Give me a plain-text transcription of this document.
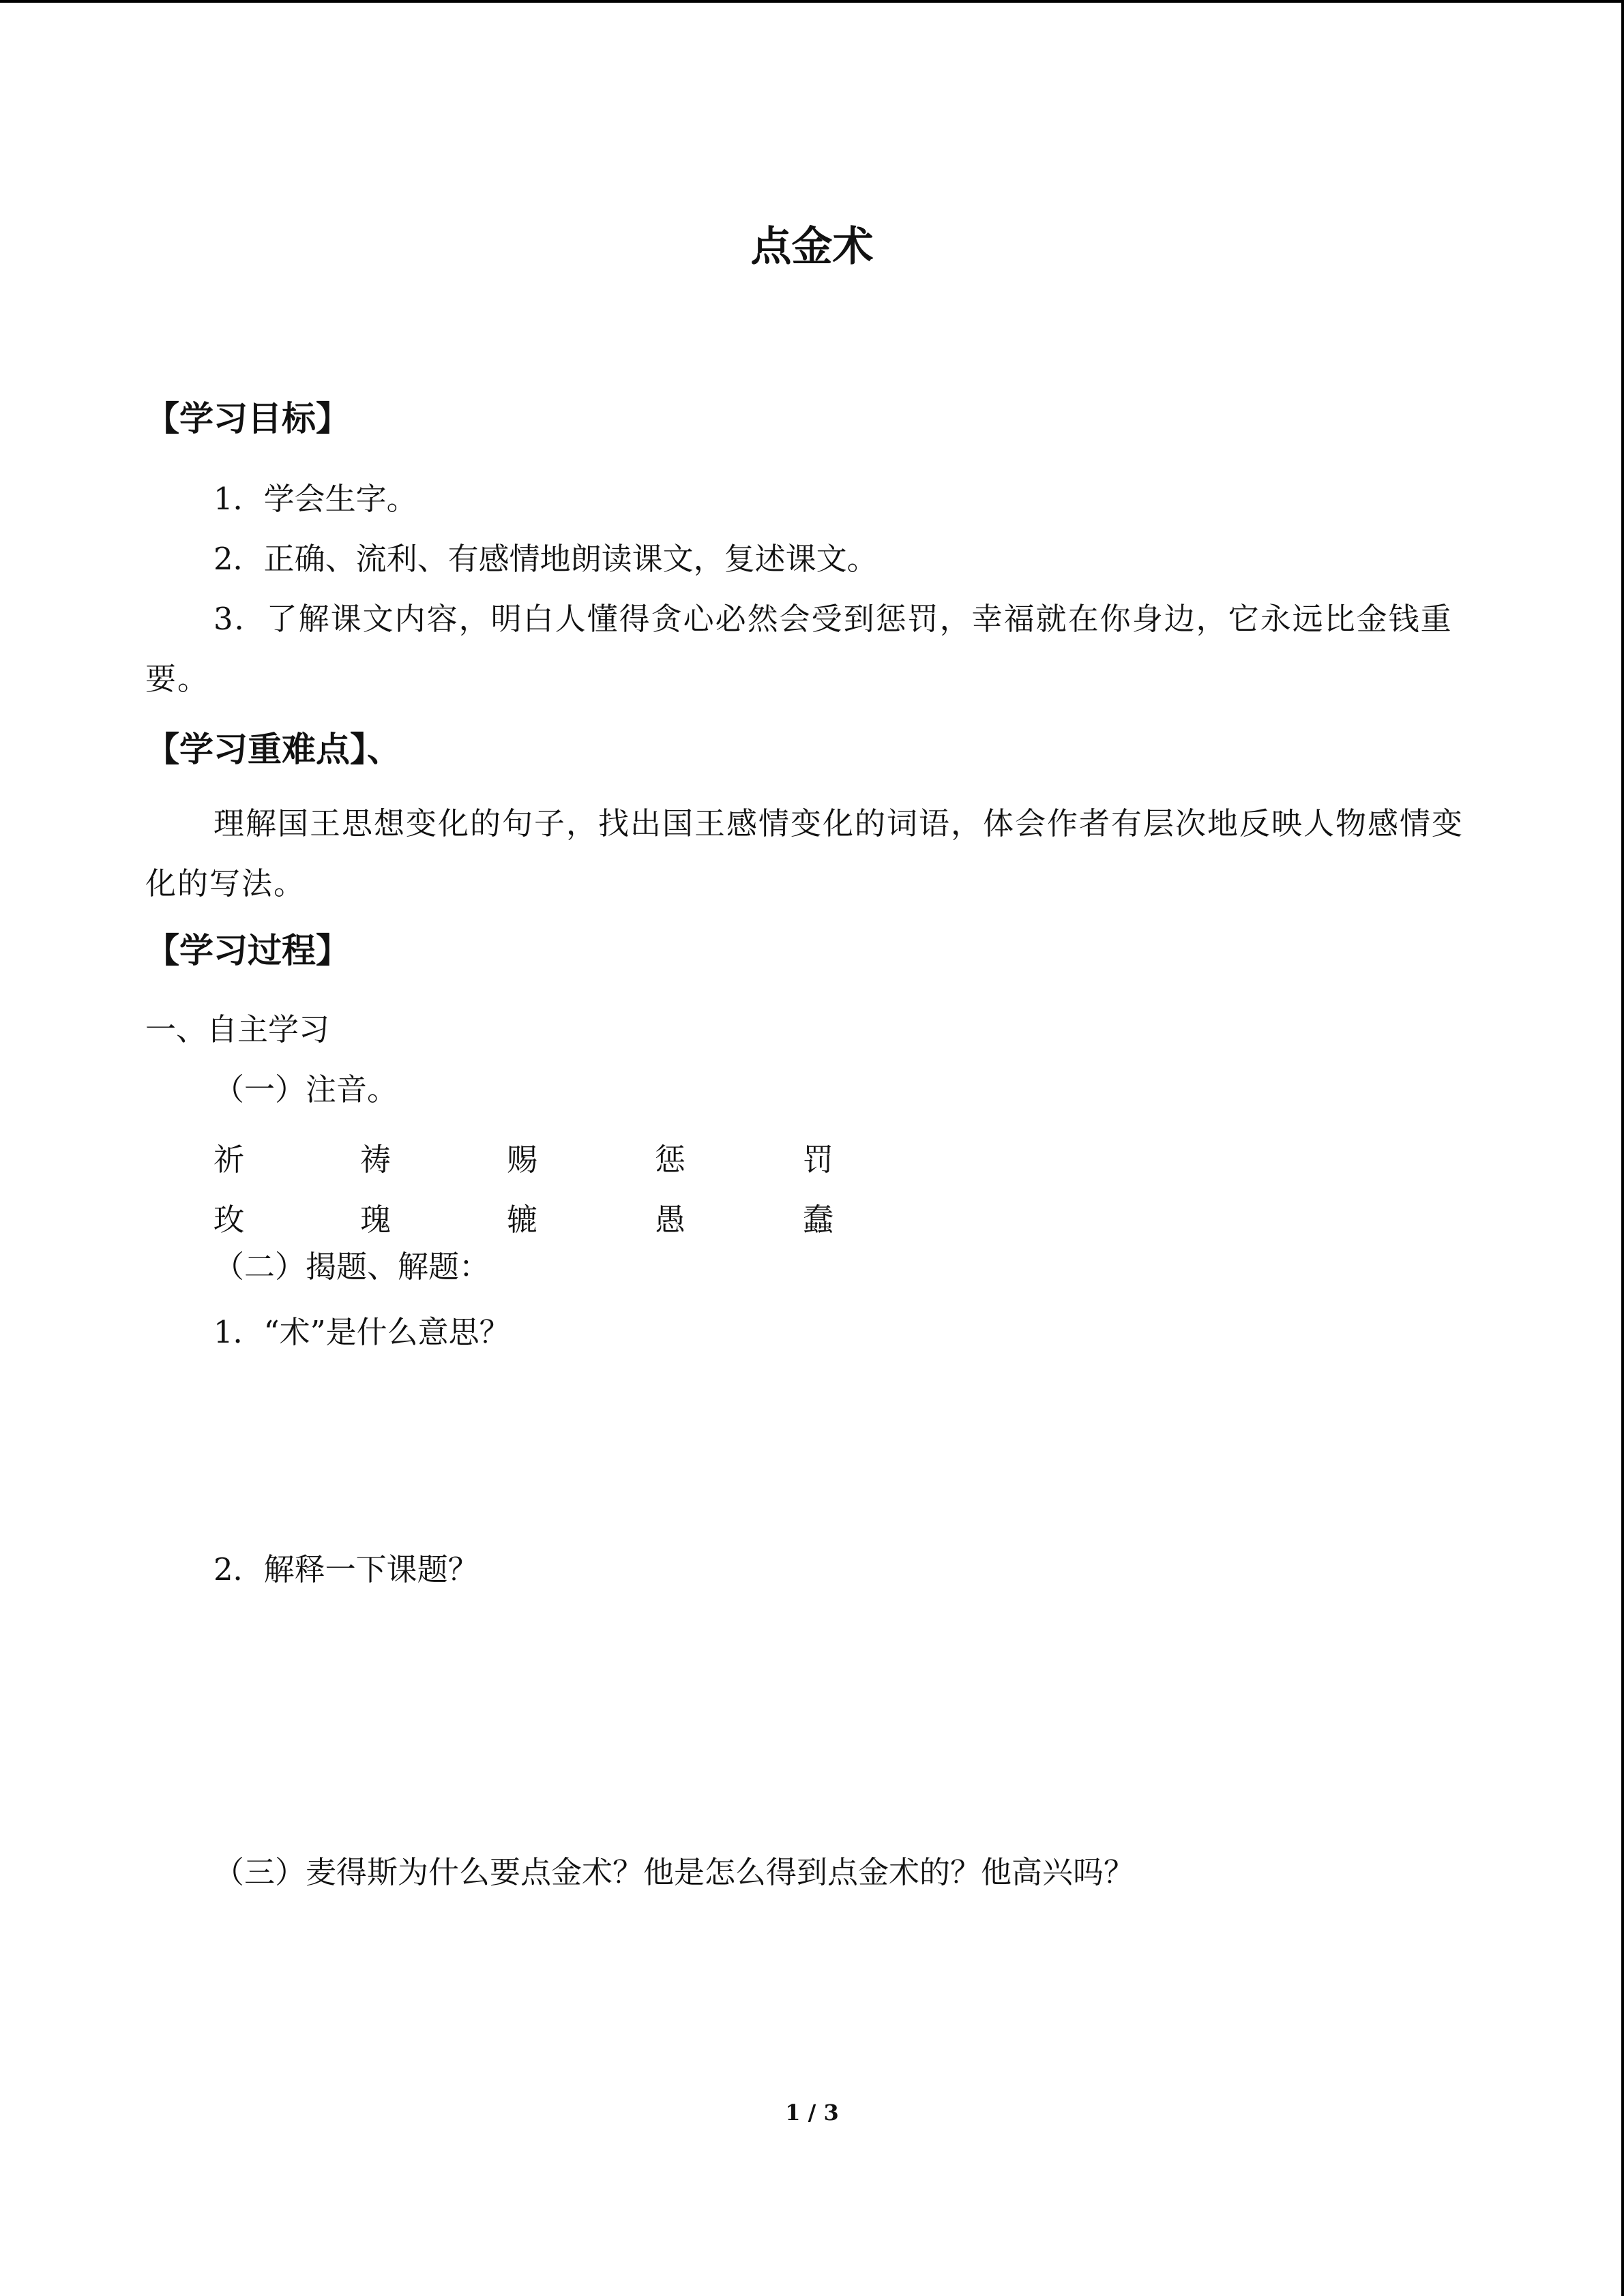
点金术
【学习目标】
1．学会生字。
2．正确、流利、有感情地朗读课文，复述课文。
3．了解课文内容，明白人懂得贪心必然会受到惩罚，幸福就在你身边，它永远比金钱重要。
【学习重难点】、
理解国王思想变化的句子，找出国王感情变化的词语，体会作者有层次地反映人物感情变化的写法。
【学习过程】
一、自主学习
（一）注音。
祈	祷	赐	惩	罚
玫	瑰	辘	愚	蠢
（二）揭题、解题：
1．“术”是什么意思？
2．解释一下课题？
（三）麦得斯为什么要点金术？他是怎么得到点金术的？他高兴吗？
1 / 3
